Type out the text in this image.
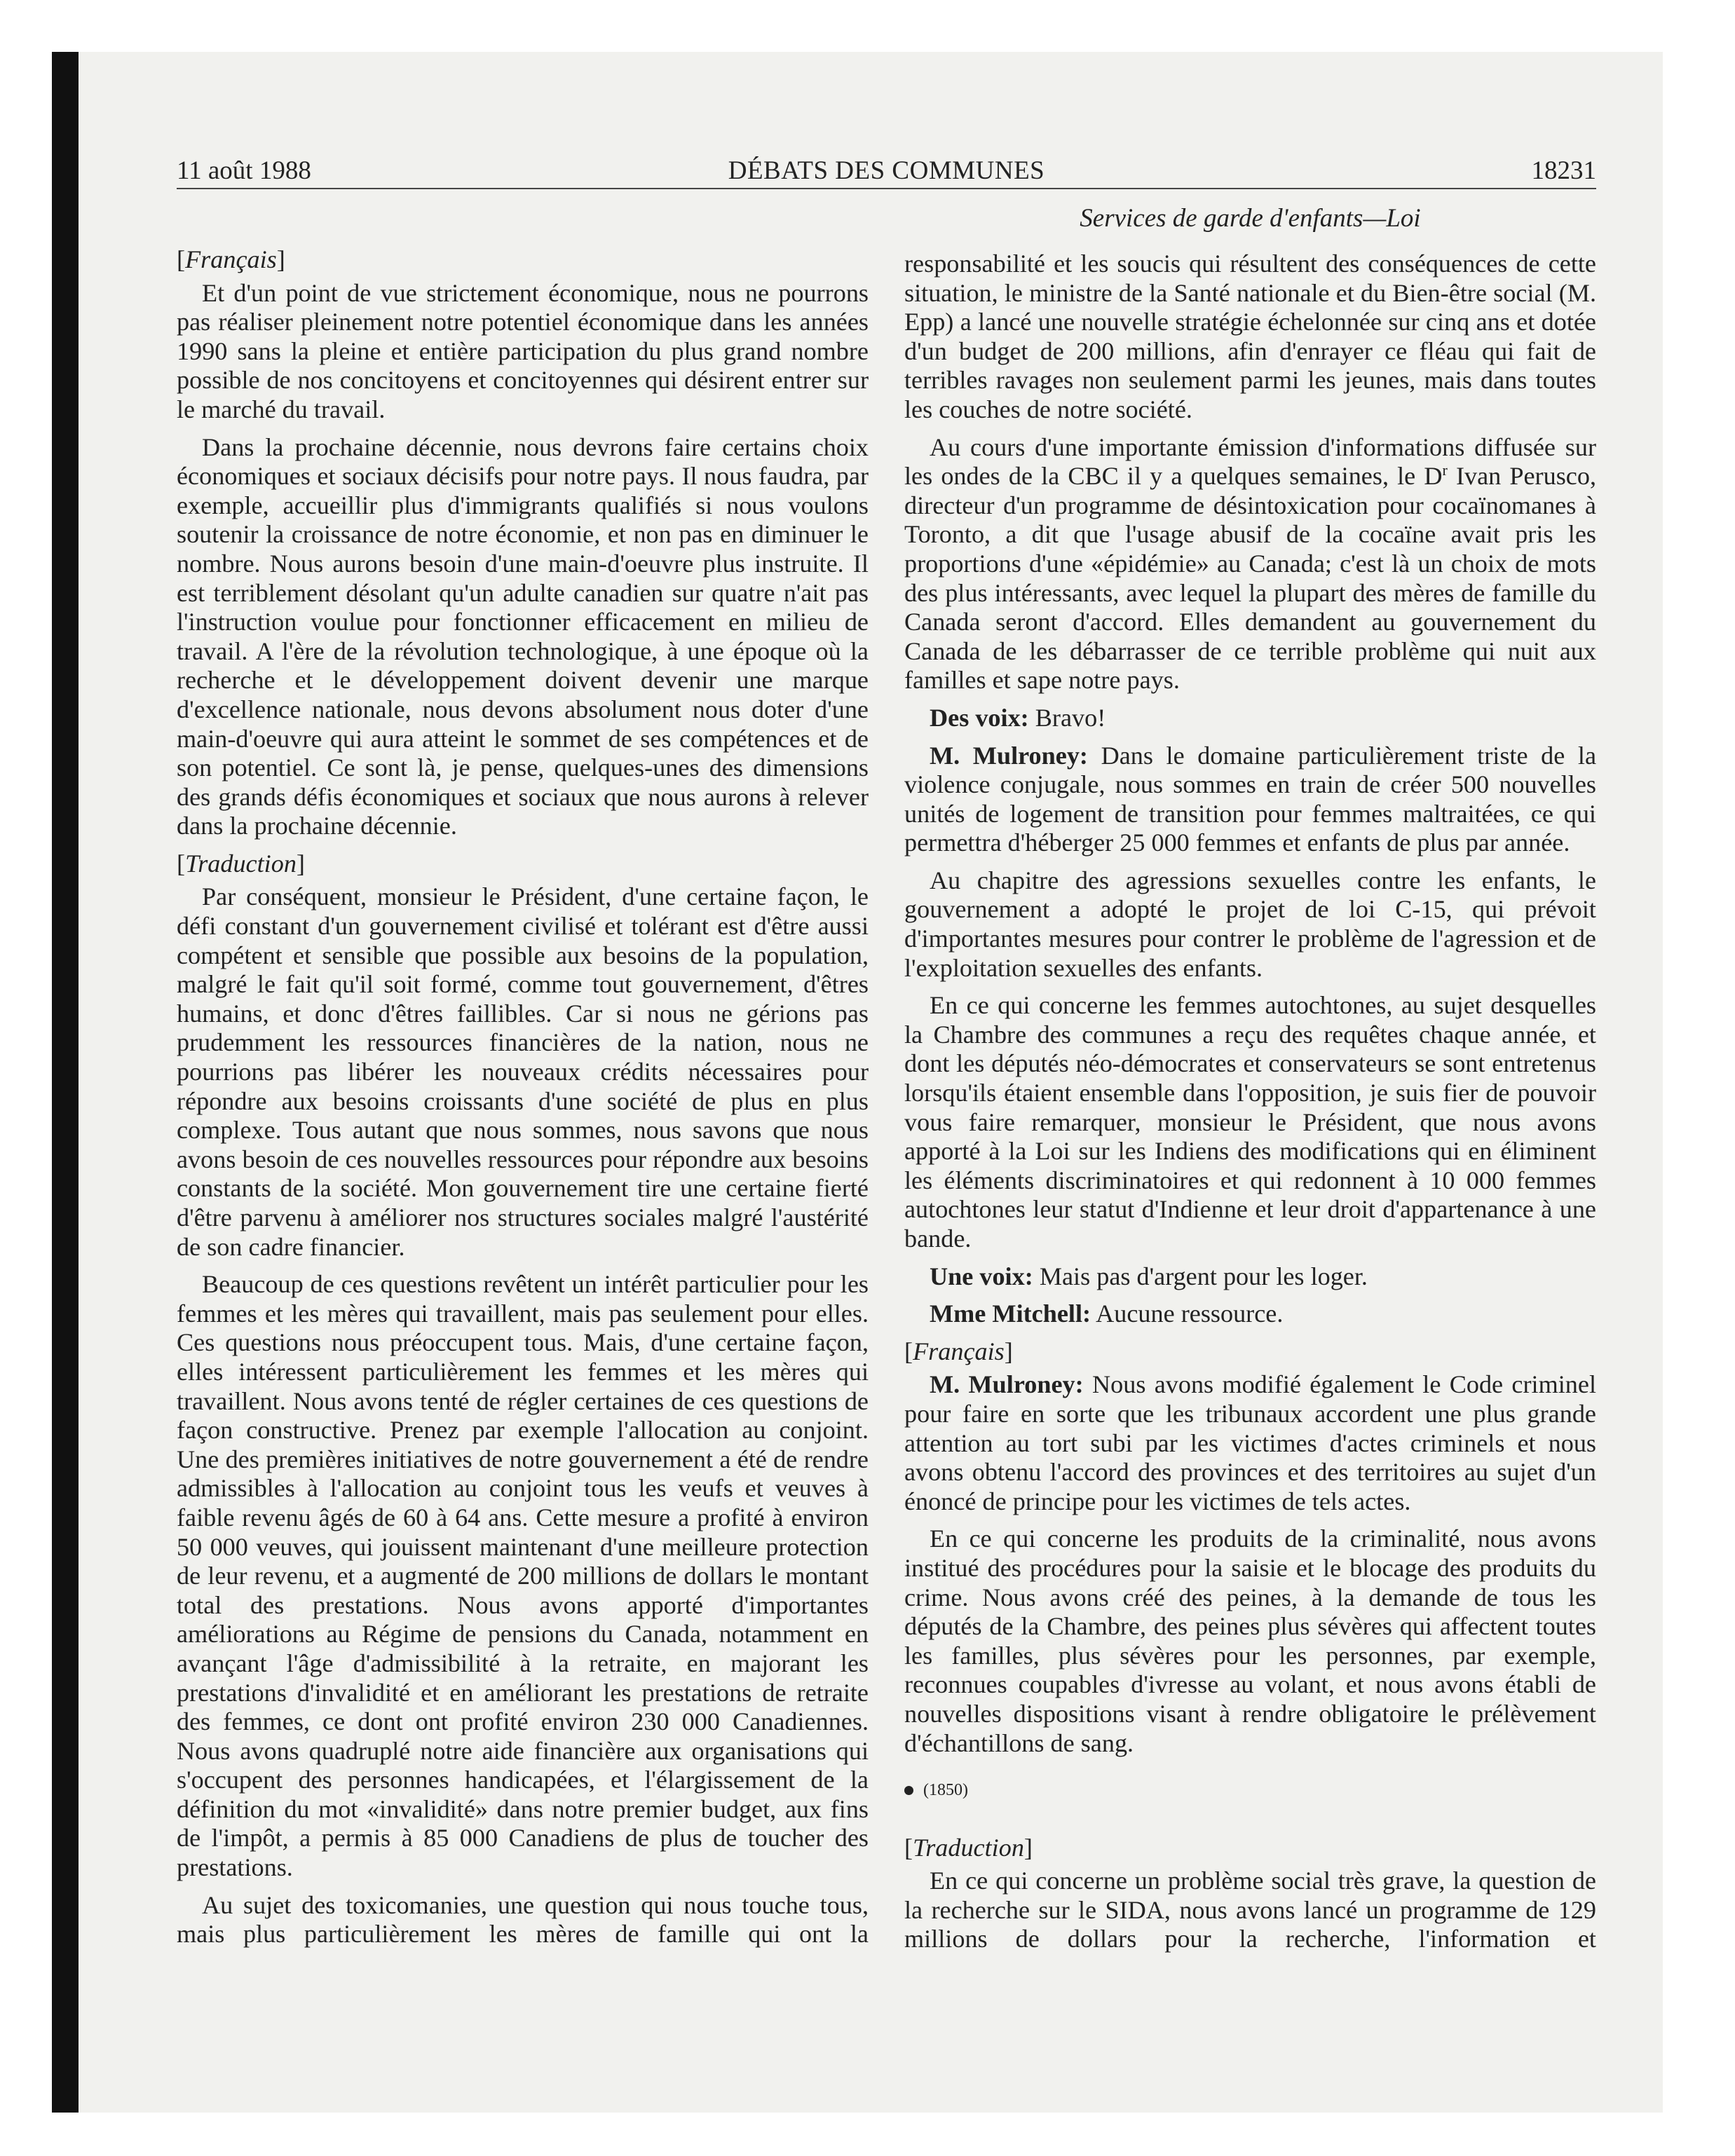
11 août 1988	DÉBATS DES COMMUNES	18231
Services de garde d'enfants—Loi
[Français]

Et d'un point de vue strictement économique, nous ne pourrons pas réaliser pleinement notre potentiel économique dans les années 1990 sans la pleine et entière participation du plus grand nombre possible de nos concitoyens et concitoyennes qui désirent entrer sur le marché du travail.

Dans la prochaine décennie, nous devrons faire certains choix économiques et sociaux décisifs pour notre pays. Il nous faudra, par exemple, accueillir plus d'immigrants qualifiés si nous voulons soutenir la croissance de notre économie, et non pas en diminuer le nombre. Nous aurons besoin d'une main-d'oeuvre plus instruite. Il est terriblement désolant qu'un adulte canadien sur quatre n'ait pas l'instruction voulue pour fonctionner efficacement en milieu de travail. A l'ère de la révolution technologique, à une époque où la recherche et le développement doivent devenir une marque d'excellence nationale, nous devons absolument nous doter d'une main-d'oeuvre qui aura atteint le sommet de ses compétences et de son potentiel. Ce sont là, je pense, quelques-unes des dimensions des grands défis économiques et sociaux que nous aurons à relever dans la prochaine décennie.

[Traduction]

Par conséquent, monsieur le Président, d'une certaine façon, le défi constant d'un gouvernement civilisé et tolérant est d'être aussi compétent et sensible que possible aux besoins de la population, malgré le fait qu'il soit formé, comme tout gouvernement, d'êtres humains, et donc d'êtres faillibles. Car si nous ne gérions pas prudemment les ressources financières de la nation, nous ne pourrions pas libérer les nouveaux crédits nécessaires pour répondre aux besoins croissants d'une société de plus en plus complexe. Tous autant que nous sommes, nous savons que nous avons besoin de ces nouvelles ressources pour répondre aux besoins constants de la société. Mon gouvernement tire une certaine fierté d'être parvenu à améliorer nos structures sociales malgré l'austérité de son cadre financier.

Beaucoup de ces questions revêtent un intérêt particulier pour les femmes et les mères qui travaillent, mais pas seulement pour elles. Ces questions nous préoccupent tous. Mais, d'une certaine façon, elles intéressent particulièrement les femmes et les mères qui travaillent. Nous avons tenté de régler certaines de ces questions de façon constructive. Prenez par exemple l'allocation au conjoint. Une des premières initiatives de notre gouvernement a été de rendre admissibles à l'allocation au conjoint tous les veufs et veuves à faible revenu âgés de 60 à 64 ans. Cette mesure a profité à environ 50 000 veuves, qui jouissent maintenant d'une meilleure protection de leur revenu, et a augmenté de 200 millions de dollars le montant total des prestations. Nous avons apporté d'importantes améliorations au Régime de pensions du Canada, notamment en avançant l'âge d'admissibilité à la retraite, en majorant les prestations d'invalidité et en améliorant les prestations de retraite des femmes, ce dont ont profité environ 230 000 Canadiennes. Nous avons quadruplé notre aide financière aux organisations qui s'occupent des personnes handicapées, et l'élargissement de la définition du mot «invalidité» dans notre premier budget, aux fins de l'impôt, a permis à 85 000 Canadiens de plus de toucher des prestations.

Au sujet des toxicomanies, une question qui nous touche tous, mais plus particulièrement les mères de famille qui ont la

responsabilité et les soucis qui résultent des conséquences de cette situation, le ministre de la Santé nationale et du Bien-être social (M. Epp) a lancé une nouvelle stratégie échelonnée sur cinq ans et dotée d'un budget de 200 millions, afin d'enrayer ce fléau qui fait de terribles ravages non seulement parmi les jeunes, mais dans toutes les couches de notre société.

Au cours d'une importante émission d'informations diffusée sur les ondes de la CBC il y a quelques semaines, le $D^r$ Ivan Perusco, directeur d'un programme de désintoxication pour cocaïnomanes à Toronto, a dit que l'usage abusif de la cocaïne avait pris les proportions d'une «épidémie» au Canada; c'est là un choix de mots des plus intéressants, avec lequel la plupart des mères de famille du Canada seront d'accord. Elles demandent au gouvernement du Canada de les débarrasser de ce terrible problème qui nuit aux familles et sape notre pays.

Des voix: Bravo!

M. Mulroney: Dans le domaine particulièrement triste de la violence conjugale, nous sommes en train de créer 500 nouvelles unités de logement de transition pour femmes maltraitées, ce qui permettra d'héberger 25 000 femmes et enfants de plus par année.

Au chapitre des agressions sexuelles contre les enfants, le gouvernement a adopté le projet de loi C-15, qui prévoit d'importantes mesures pour contrer le problème de l'agression et de l'exploitation sexuelles des enfants.

En ce qui concerne les femmes autochtones, au sujet desquelles la Chambre des communes a reçu des requêtes chaque année, et dont les députés néo-démocrates et conservateurs se sont entretenus lorsqu'ils étaient ensemble dans l'opposition, je suis fier de pouvoir vous faire remarquer, monsieur le Président, que nous avons apporté à la Loi sur les Indiens des modifications qui en éliminent les éléments discriminatoires et qui redonnent à 10 000 femmes autochtones leur statut d'Indienne et leur droit d'appartenance à une bande.

Une voix: Mais pas d'argent pour les loger.

Mme Mitchell: Aucune ressource.

[Français]

M. Mulroney: Nous avons modifié également le Code criminel pour faire en sorte que les tribunaux accordent une plus grande attention au tort subi par les victimes d'actes criminels et nous avons obtenu l'accord des provinces et des territoires au sujet d'un énoncé de principe pour les victimes de tels actes.

En ce qui concerne les produits de la criminalité, nous avons institué des procédures pour la saisie et le blocage des produits du crime. Nous avons créé des peines, à la demande de tous les députés de la Chambre, des peines plus sévères qui affectent toutes les familles, plus sévères pour les personnes, par exemple, reconnues coupables d'ivresse au volant, et nous avons établi de nouvelles dispositions visant à rendre obligatoire le prélèvement d'échantillons de sang.

(1850)
[Traduction]

En ce qui concerne un problème social très grave, la question de la recherche sur le SIDA, nous avons lancé un programme de 129 millions de dollars pour la recherche, l'information et
